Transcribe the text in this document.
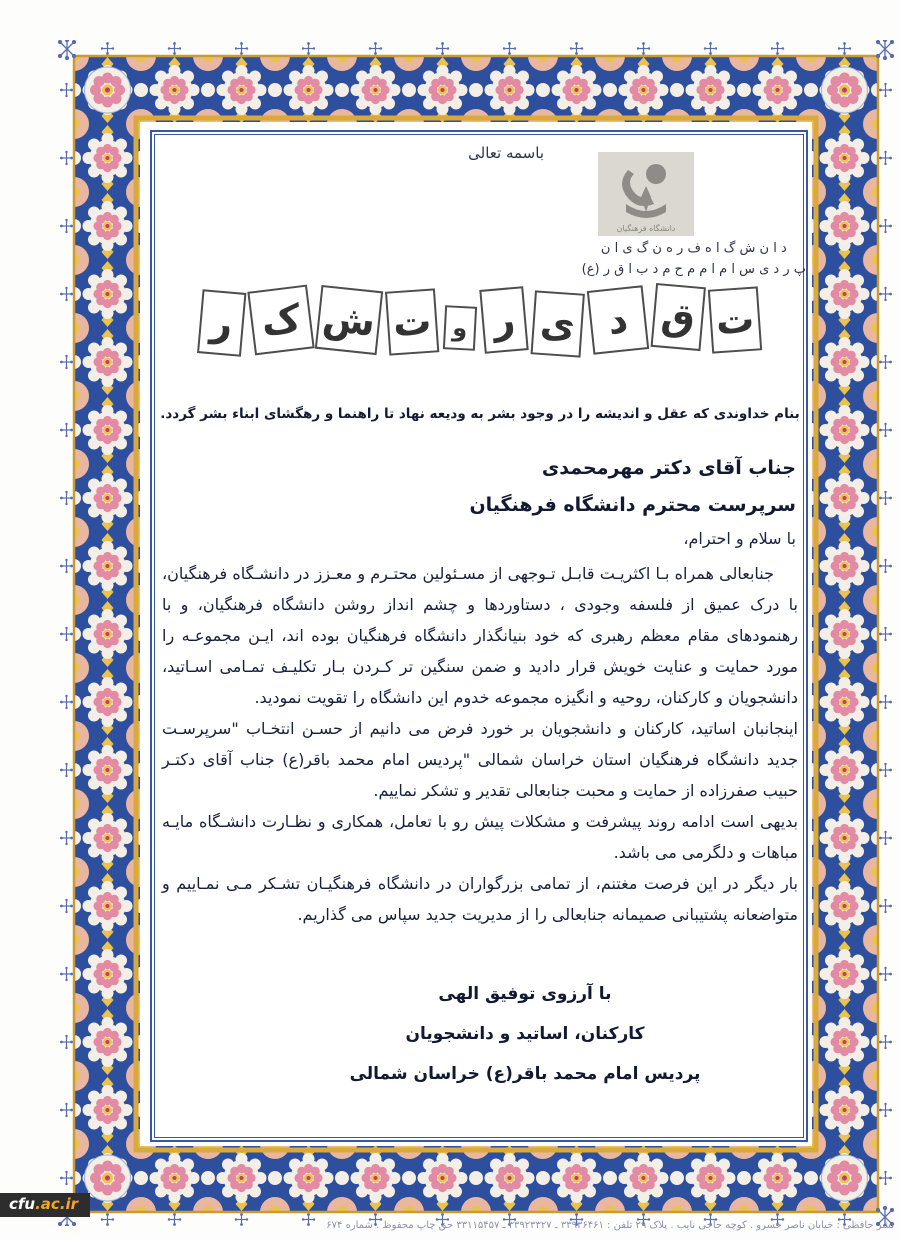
باسمه تعالی
دانشگاه فرهنگیان
د ا ن ش گ ا ه ف ر ه ن گ ی ا ن
پ ر د ی س ا م ا م م ح م د ب ا ق ر (ع)
ت
ق
د
ی
ر
و
ت
ش
ک
ر
بنام خداوندی که عقل و اندیشه را در وجود بشر به ودیعه نهاد تا راهنما و رهگشای ابناء بشر گردد.
جناب آقای دکتر مهرمحمدی
سرپرست محترم دانشگاه فرهنگیان
با سلام و احترام،

جنابعالی همراه بـا اکثریـت قابـل تـوجهی از مسـئولین محتـرم و معـزز در دانشـگاه فرهنگیان، با درک عمیق از فلسفه وجودی ، دستاوردها و چشم انداز روشن دانشگاه فرهنگیان، و با رهنمودهای مقام معظم رهبری که خود بنیانگذار دانشگاه فرهنگیان بوده اند، ایـن مجموعـه را مورد حمایت و عنایت خویش قرار دادید و ضمن سنگین تر کـردن بـار تکلیـف تمـامی اسـاتید، دانشجویان و کارکنان، روحیه و انگیزه مجموعه خدوم این دانشگاه را تقویت نمودید.

اینجانبان اساتید، کارکنان و دانشجویان بر خورد فرض می دانیم از حسـن انتخـاب "سرپرسـت جدید دانشگاه فرهنگیان استان خراسان شمالی "پردیس امام محمد باقر(ع) جناب آقای دکتـر حبیب صفرزاده از حمایت و محبت جنابعالی تقدیر و تشکر نماییم.

بدیهی است ادامه روند پیشرفت و مشکلات پیش رو با تعامل، همکاری و نظـارت دانشـگاه مایـه مباهات و دلگرمی می باشد.

بار دیگر در این فرصت مغتنم، از تمامی بزرگواران در دانشگاه فرهنگیـان تشـکر مـی نمـاییم و متواضعانه پشتیبانی صمیمانه جنابعالی را از مدیریت جدید سپاس می گذاریم.

با آرزوی توفیق الهی
کارکنان، اساتید و دانشجویان
پردیس امام محمد باقر(ع) خراسان شمالی
نشر حافظی : خیابان ناصر خسرو . کوچه حاجی نایب . پلاک ۲۹ تلفن : ۳۳۹۳۶۴۶۱ ـ ۳۳۹۲۳۳۲۷ ـ ۳۳۱۱۵۴۵۷ حق چاپ محفوظ . شماره ۶۷۴
cfu.ac.ir
